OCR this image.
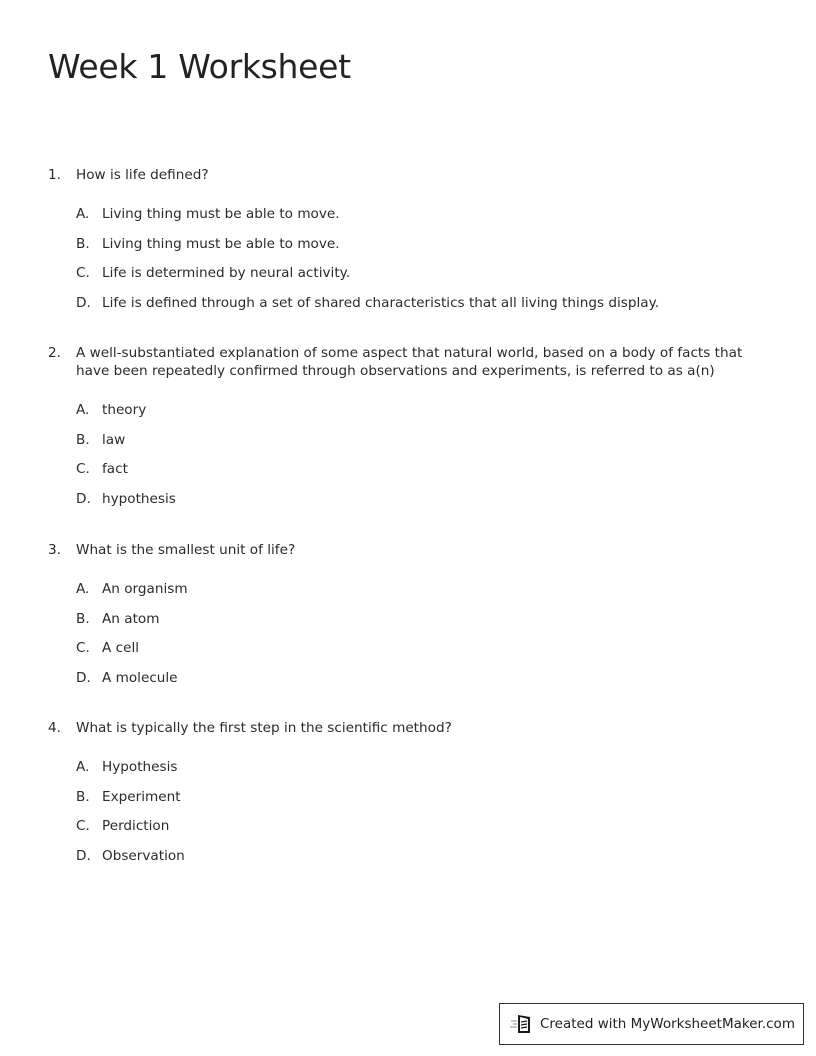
Week 1 Worksheet
1.	How is life defined?
A. Living thing must be able to move.
B. Living thing must be able to move.
C. Life is determined by neural activity.
D. Life is defined through a set of shared characteristics that all living things display.
2.	A well-substantiated explanation of some aspect that natural world, based on a body of facts that have been repeatedly confirmed through observations and experiments, is referred to as a(n)
A. theory
B. law
C. fact
D. hypothesis
3.	What is the smallest unit of life?
A. An organism
B. An atom
C. A cell
D. A molecule
4.	What is typically the first step in the scientific method?
A. Hypothesis
B. Experiment
C. Perdiction
D. Observation
Created with MyWorksheetMaker.com
